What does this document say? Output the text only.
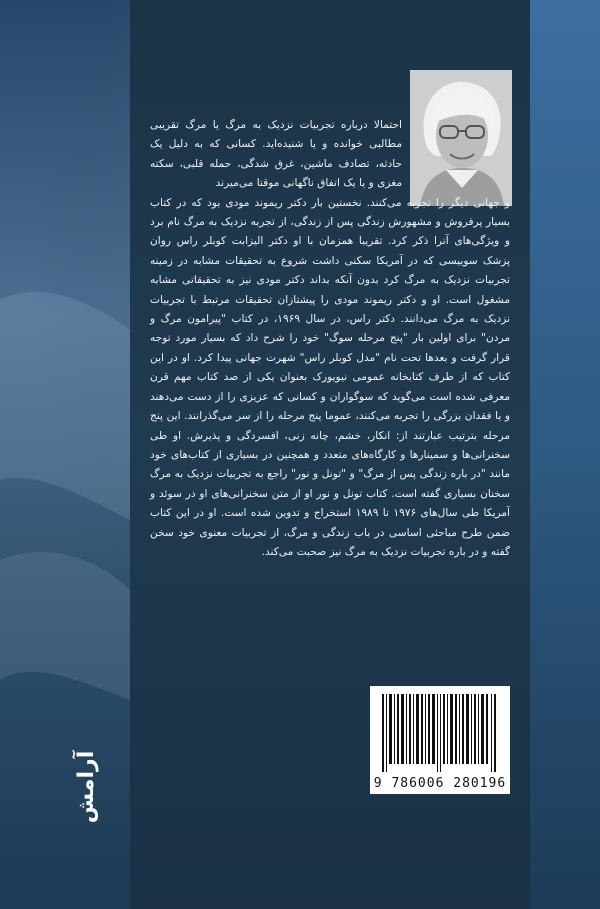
احتمالا درباره تجربیات نزدیک به مرگ یا مرگ تقریبی مطالبی خوانده و یا شنیده‌اید. کسانی که به دلیل یک حادثه، تصادف ماشین، غرق شدگی، حمله قلبی، سکته مغزی و یا یک اتفاق ناگهانی موقتا می‌میرند
و جهانی دیگر را تجربه می‌کنند. نخستین بار دکتر ریموند مودی بود که در کتاب بسیار پرفروش و مشهورش زندگی پس از زندگی، از تجربه نزدیک به مرگ نام برد و ویژگی‌های آنرا ذکر کرد. تقریبا همزمان با او دکتر الیزابت کوبلر راس روان پزشک سوییسی که در آمریکا سکنی داشت شروع به تحقیقات مشابه در زمینه تجربیات نزدیک به مرگ کرد بدون آنکه بداند دکتر مودی نیز به تحقیقاتی مشابه مشغول است. او و دکتر ریموند مودی را پیشتازان تحقیقات مرتبط با تجربیات نزدیک به مرگ می‌دانند. دکتر راس، در سال ۱۹۶۹، در کتاب "پیرامون مرگ و مردن" برای اولین بار "پنج مرحله سوگ" خود را شرح داد که بسیار مورد توجه قرار گرفت و بعدها تحت نام "مدل کوبلر راس" شهرت جهانی پیدا کرد. او در این کتاب که از طرف کتابخانه عمومی نیویورک بعنوان یکی از صد کتاب مهم قرن معرفی شده است می‌گوید که سوگواران و کسانی که عزیزی را از دست می‌دهند و یا فقدان بزرگی را تجربه می‌کنند، عموما پنج مرحله را از سر می‌گذرانند. این پنج مرحله بترتیب عبارتند از: انکار، خشم، چانه زنی، افسردگی و پذیرش. او طی سخنرانی‌ها و سمینارها و کارگاه‌های متعدد و همچنین در بسیاری از کتاب‌های خود مانند "در باره زندگی پس از مرگ" و "تونل و نور" راجع به تجربیات نزدیک به مرگ سخنان بسیاری گفته است. کتاب تونل و نور او از متن سخنرانی‌های او در سوئد و آمریکا طی سال‌های ۱۹۷۶ تا ۱۹۸۹ استخراج و تدوین شده است. او در این کتاب ضمن طرح مباحثی اساسی در باب زندگی و مرگ، از تجربیات معنوی خود سخن گفته و در باره تجربیات نزدیک به مرگ نیز صحبت می‌کند.
آرامش	9 786006 280196
